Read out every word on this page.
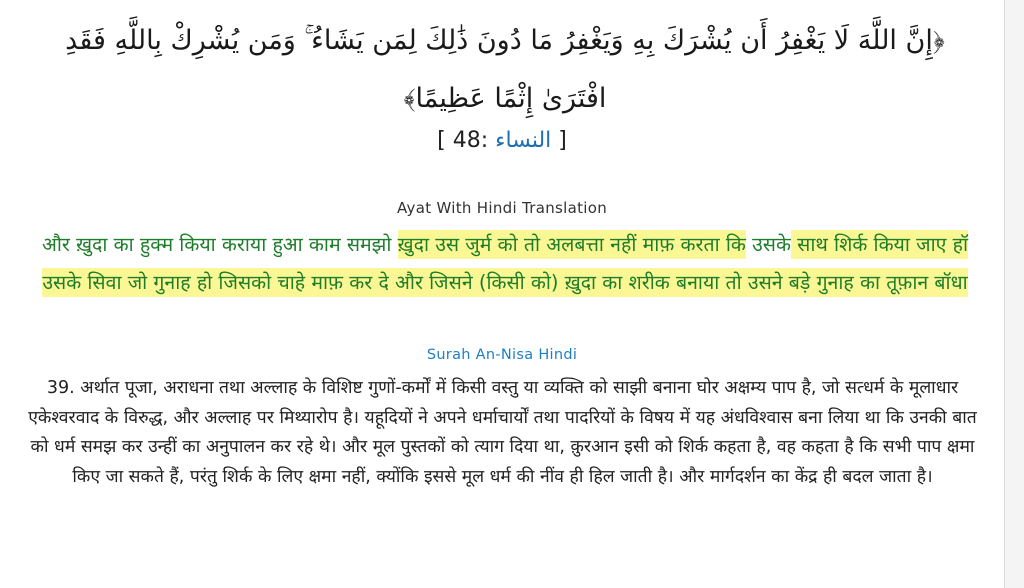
﴿إِنَّ اللَّهَ لَا يَغْفِرُ أَن يُشْرَكَ بِهِ وَيَغْفِرُ مَا دُونَ ذَٰلِكَ لِمَن يَشَاءُ ۚ وَمَن يُشْرِكْ بِاللَّهِ فَقَدِ افْتَرَىٰ إِثْمًا عَظِيمًا﴾
[ 48: النساء ]
Ayat With Hindi Translation
और ख़ुदा का हुक्म किया कराया हुआ काम समझो ख़ुदा उस जुर्म को तो अलबत्ता नहीं माफ़ करता कि उसके साथ शिर्क किया जाए हॉ उसके सिवा जो गुनाह हो जिसको चाहे माफ़ कर दे और जिसने (किसी को) ख़ुदा का शरीक बनाया तो उसने बड़े गुनाह का तूफ़ान बॉधा
Surah An-Nisa Hindi
39. अर्थात पूजा, अराधना तथा अल्लाह के विशिष्ट गुणों-कर्मों में किसी वस्तु या व्यक्ति को साझी बनाना घोर अक्षम्य पाप है, जो सत्धर्म के मूलाधार एकेश्वरवाद के विरुद्ध, और अल्लाह पर मिथ्यारोप है। यहूदियों ने अपने धर्माचार्यों तथा पादरियों के विषय में यह अंधविश्वास बना लिया था कि उनकी बात को धर्म समझ कर उन्हीं का अनुपालन कर रहे थे। और मूल पुस्तकों को त्याग दिया था, क़ुरआन इसी को शिर्क कहता है, वह कहता है कि सभी पाप क्षमा किए जा सकते हैं, परंतु शिर्क के लिए क्षमा नहीं, क्योंकि इससे मूल धर्म की नींव ही हिल जाती है। और मार्गदर्शन का केंद्र ही बदल जाता है।
